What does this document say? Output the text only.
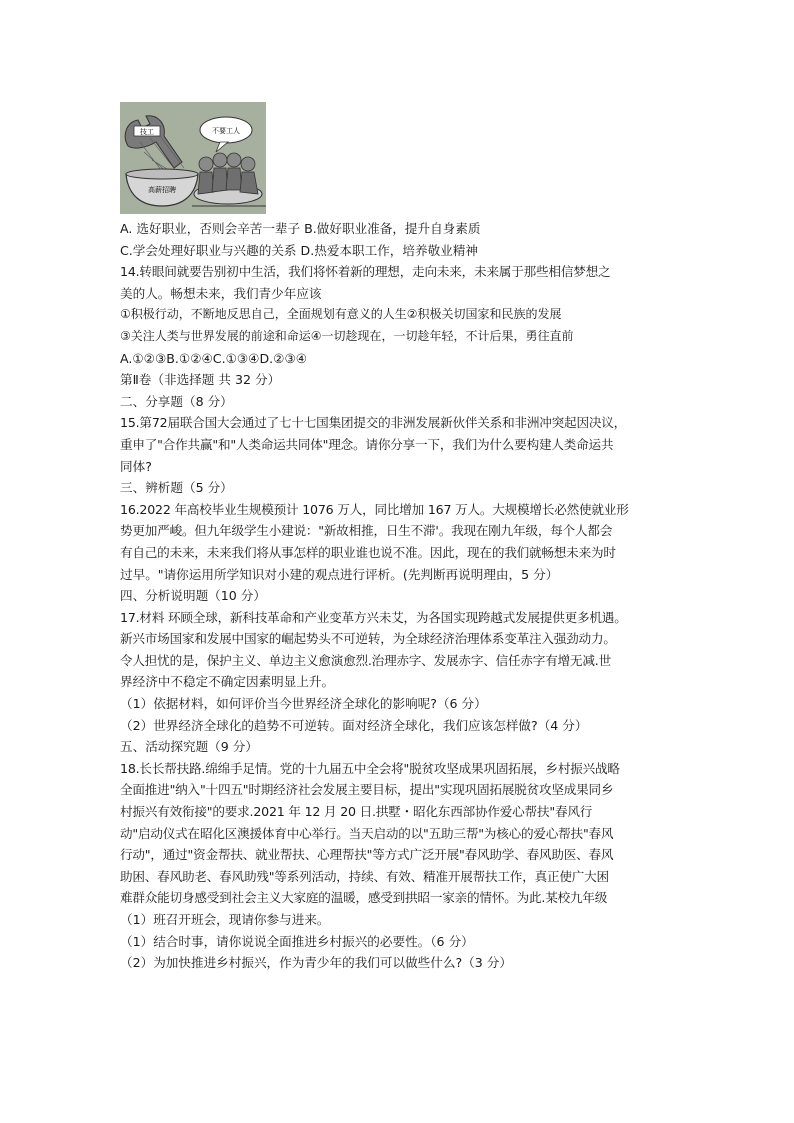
技工
高薪招聘
不要工人
A. 选好职业，否则会辛苦一辈子 B.做好职业准备，提升自身素质
C.学会处理好职业与兴趣的关系 D.热爱本职工作，培养敬业精神
14.转眼间就要告别初中生活，我们将怀着新的理想，走向未来，未来属于那些相信梦想之
美的人。畅想未来，我们青少年应该
①积极行动，不断地反思自己，全面规划有意义的人生②积极关切国家和民族的发展
③关注人类与世界发展的前途和命运④一切趁现在，一切趁年轻，不计后果，勇往直前
A.①②③B.①②④C.①③④D.②③④
第Ⅱ卷（非选择题 共 32 分）
二、分享题（8 分）
15.第72届联合国大会通过了七十七国集团提交的非洲发展新伙伴关系和非洲冲突起因决议，
重申了"合作共赢"和"人类命运共同体"理念。请你分享一下，我们为什么要构建人类命运共
同体?
三、辨析题（5 分）
16.2022 年高校毕业生规模预计 1076 万人，同比增加 167 万人。大规模增长必然使就业形
势更加严峻。但九年级学生小建说："新故相推，日生不滞'。我现在刚九年级，每个人都会
有自己的未来，未来我们将从事怎样的职业谁也说不准。因此，现在的我们就畅想未来为时
过早。"请你运用所学知识对小建的观点进行评析。(先判断再说明理由，5 分）
四、分析说明题（10 分）
17.材料 环顾全球，新科技革命和产业变革方兴未艾，为各国实现跨越式发展提供更多机遇。
新兴市场国家和发展中国家的崛起势头不可逆转，为全球经济治理体系变革注入强劲动力。
令人担忧的是，保护主义、单边主义愈演愈烈.治理赤字、发展赤字、信任赤字有增无减.世
界经济中不稳定不确定因素明显上升。
（1）依据材料，如何评价当今世界经济全球化的影响呢?（6 分）
（2）世界经济全球化的趋势不可逆转。面对经济全球化，我们应该怎样做?（4 分）
五、活动探究题（9 分）
18.长长帮扶路.绵绵手足情。党的十九届五中全会将"脱贫攻坚成果巩固拓展，乡村振兴战略
全面推进"纳入"十四五"时期经济社会发展主要目标，提出"实现巩固拓展脱贫攻坚成果同乡
村振兴有效衔接"的要求.2021 年 12 月 20 日.拱墅・昭化东西部协作爱心帮扶"春风行
动"启动仪式在昭化区澳援体育中心举行。当天启动的以"五助三帮"为核心的爱心帮扶"春风
行动"，通过"资金帮扶、就业帮扶、心理帮扶"等方式广泛开展"春风助学、春风助医、春风
助困、春风助老、春风助残"等系列活动，持续、有效、精准开展帮扶工作，真正使广大困
难群众能切身感受到社会主义大家庭的温暖，感受到拱昭一家亲的情怀。为此.某校九年级
（1）班召开班会，现请你参与进来。
（1）结合时事，请你说说全面推进乡村振兴的必要性。（6 分）
（2）为加快推进乡村振兴，作为青少年的我们可以做些什么?（3 分）
